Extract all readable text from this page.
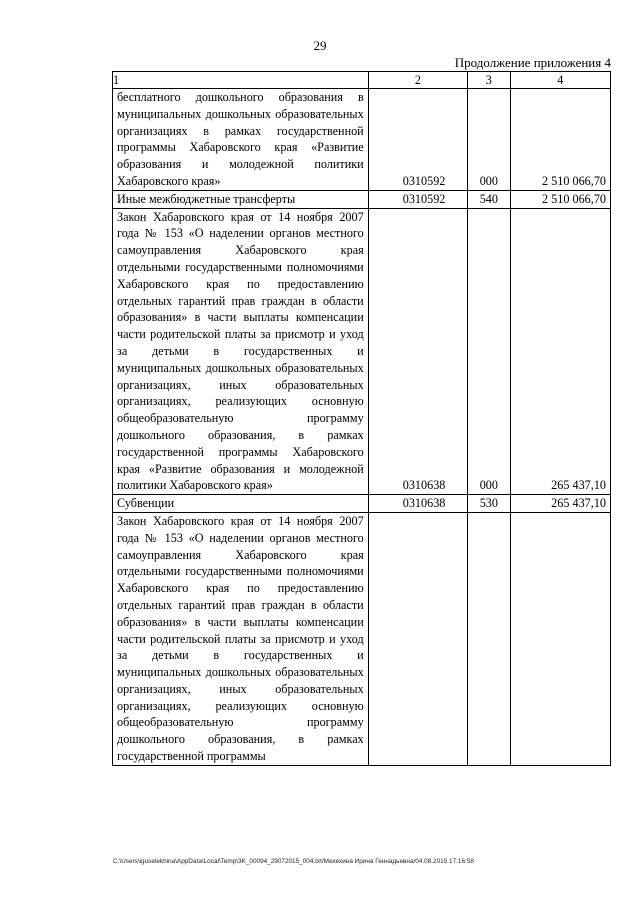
29
Продолжение приложения 4
1	2	3	4
бесплатного дошкольного образования в муниципальных дошкольных образовательных организациях в рамках государственной программы Хабаровского края «Развитие образования и молодежной политики Хабаровского края»	0310592	000	2 510 066,70
Иные межбюджетные трансферты	0310592	540	2 510 066,70
Закон Хабаровского края от 14 ноября 2007 года № 153 «О наделении органов местного самоуправления Хабаровского края отдельными государственными полномочиями Хабаровского края по предоставлению отдельных гарантий прав граждан в области образования» в части выплаты компенсации части родительской платы за присмотр и уход за детьми в государственных и муниципальных дошкольных образовательных организациях, иных образовательных организациях, реализующих основную общеобразовательную программу дошкольного образования, в рамках государственной программы Хабаровского края «Развитие образования и молодежной политики Хабаровского края»	0310638	000	265 437,10
Субвенции	0310638	530	265 437,10
Закон Хабаровского края от 14 ноября 2007 года № 153 «О наделении органов местного самоуправления Хабаровского края отдельными государственными полномочиями Хабаровского края по предоставлению отдельных гарантий прав граждан в области образования» в части выплаты компенсации части родительской платы за присмотр и уход за детьми в государственных и муниципальных дошкольных образовательных организациях, иных образовательных организациях, реализующих основную общеобразовательную программу дошкольного образования, в рамках государственной программы			
C:\Users\iguselekhina\AppData\Local\Temp\3K_00094_29072015_004.txt/Мехехина Ирина Геннадьевна/04.08.2015 17:16:58
